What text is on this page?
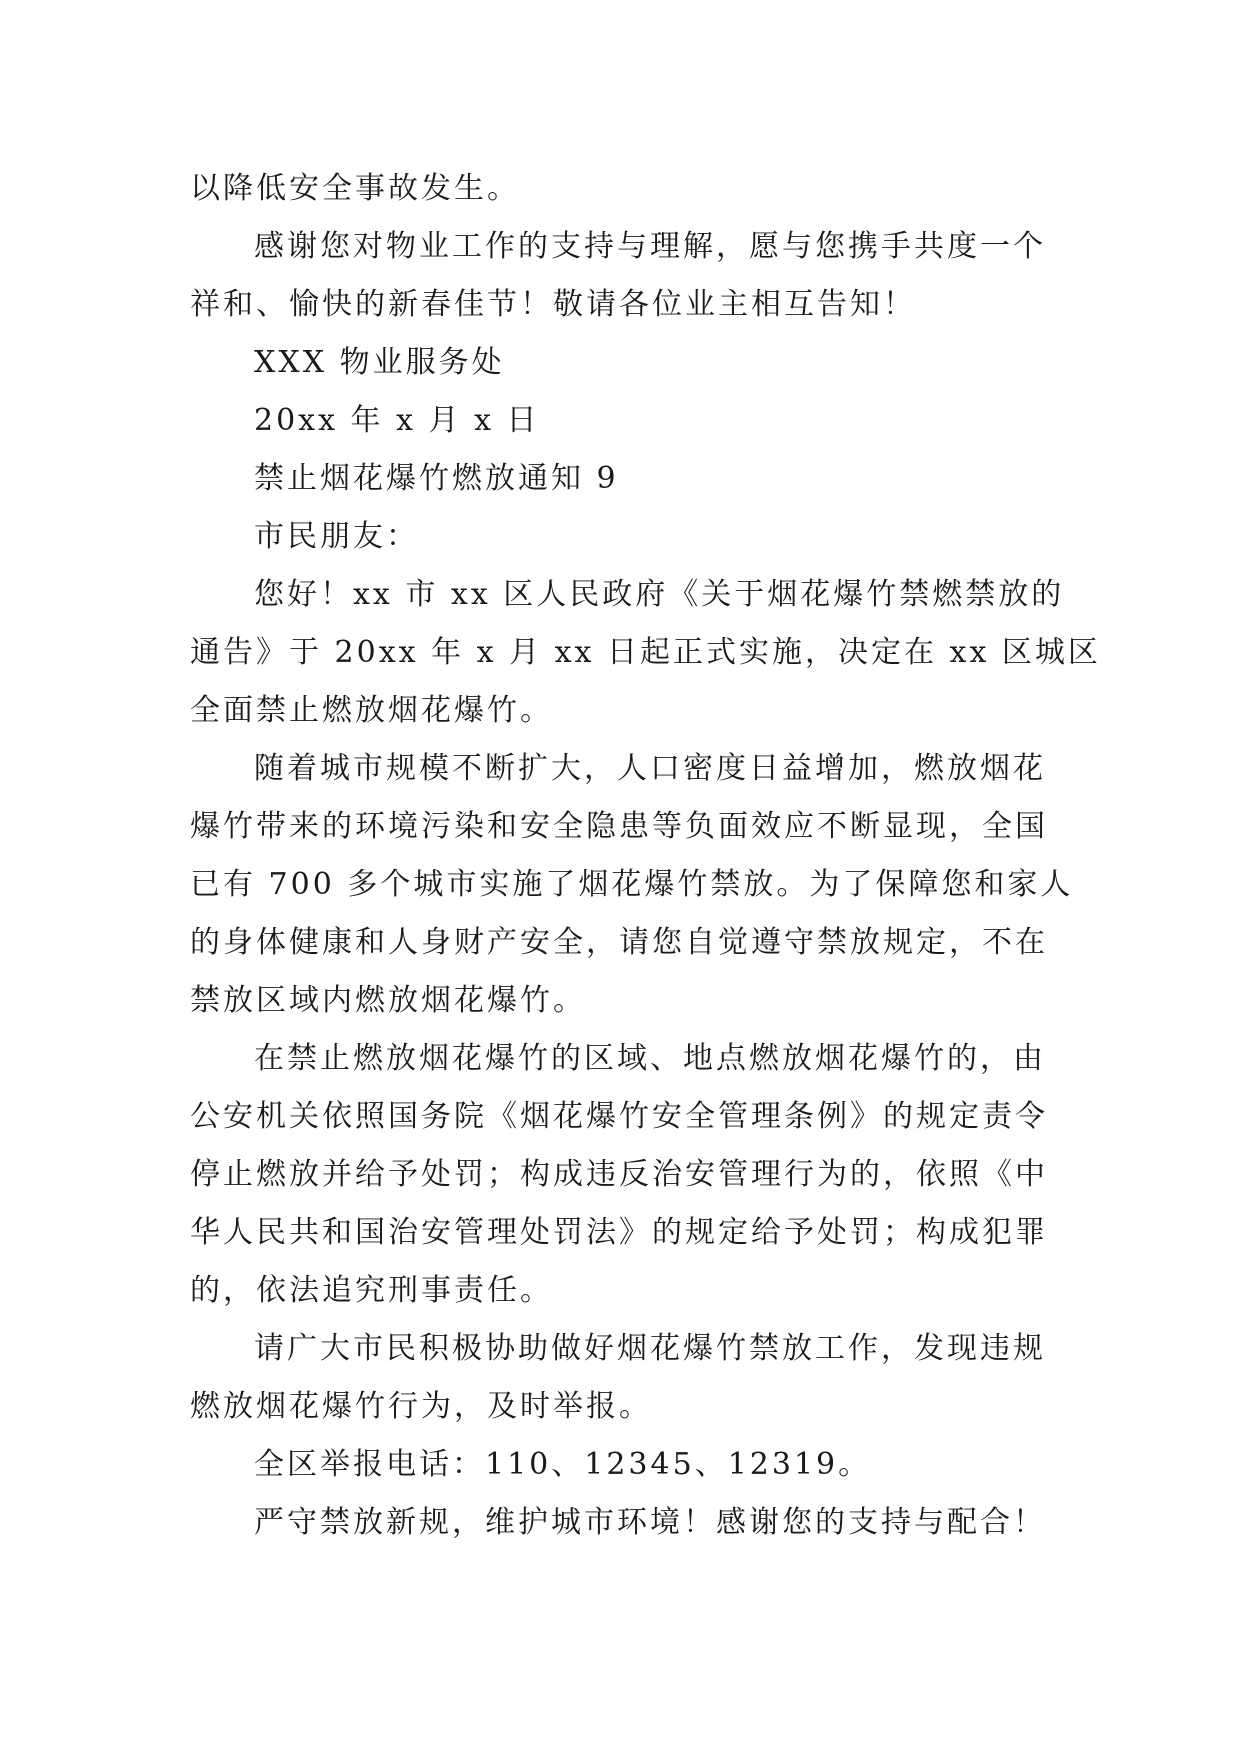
以降低安全事故发生。
感谢您对物业工作的支持与理解，愿与您携手共度一个
祥和、愉快的新春佳节！敬请各位业主相互告知！
XXX 物业服务处
20xx 年 x 月 x 日
禁止烟花爆竹燃放通知 9
市民朋友：
您好！xx 市 xx 区人民政府《关于烟花爆竹禁燃禁放的
通告》于 20xx 年 x 月 xx 日起正式实施，决定在 xx 区城区
全面禁止燃放烟花爆竹。
随着城市规模不断扩大，人口密度日益增加，燃放烟花
爆竹带来的环境污染和安全隐患等负面效应不断显现，全国
已有 700 多个城市实施了烟花爆竹禁放。为了保障您和家人
的身体健康和人身财产安全，请您自觉遵守禁放规定，不在
禁放区域内燃放烟花爆竹。
在禁止燃放烟花爆竹的区域、地点燃放烟花爆竹的，由
公安机关依照国务院《烟花爆竹安全管理条例》的规定责令
停止燃放并给予处罚；构成违反治安管理行为的，依照《中
华人民共和国治安管理处罚法》的规定给予处罚；构成犯罪
的，依法追究刑事责任。
请广大市民积极协助做好烟花爆竹禁放工作，发现违规
燃放烟花爆竹行为，及时举报。
全区举报电话：110、12345、12319。
严守禁放新规，维护城市环境！感谢您的支持与配合！
